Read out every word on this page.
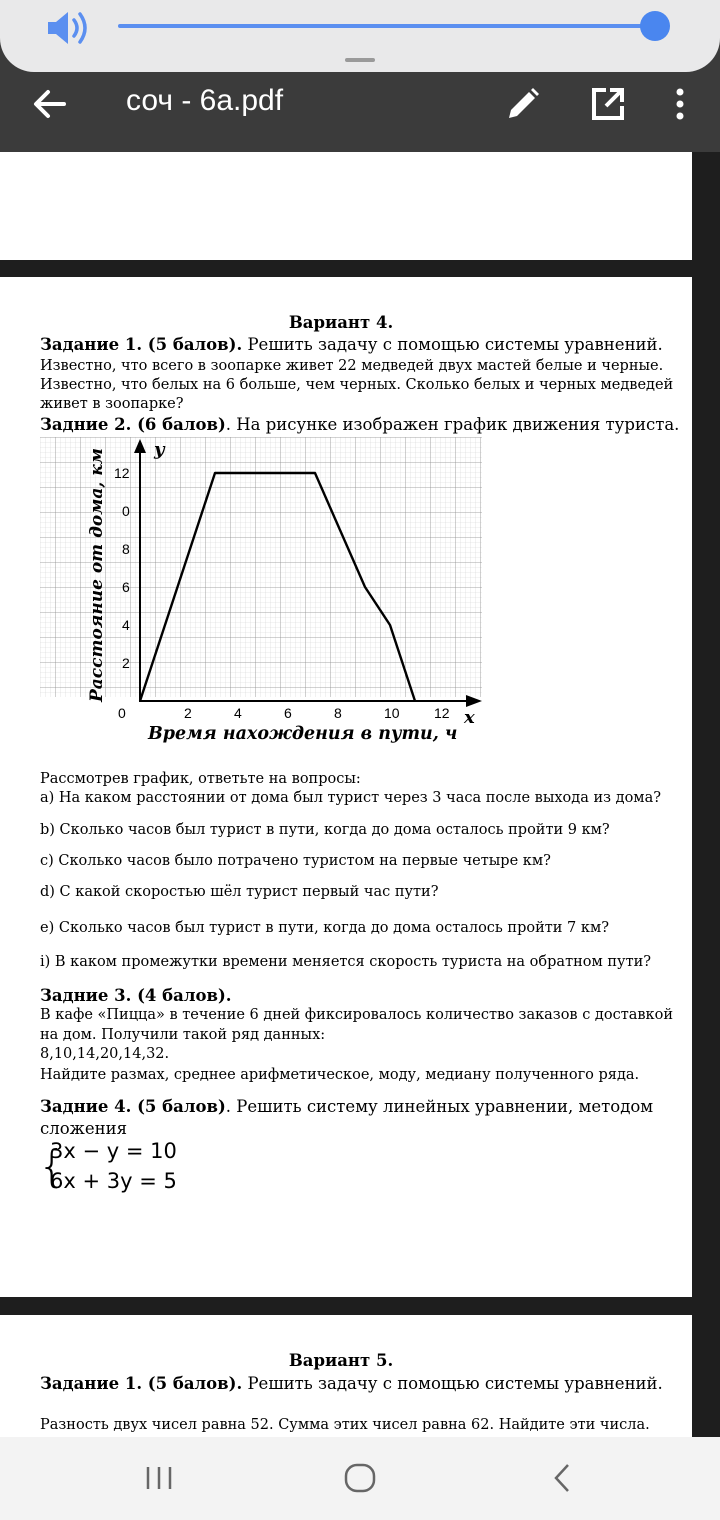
Вариант 4.
Задание 1. (5 балов). Решить задачу с помощью системы уравнений.
Известно, что всего в зоопарке живет 22 медведей двух мастей белые и черные.
Известно, что белых на 6 больше, чем черных. Сколько белых и черных медведей
живет в зоопарке?
Задние 2. (6 балов). На рисунке изображен график движения туриста.
y
x
Расстояние от дома, км
Время нахождения в пути, ч
0	2	4	6	8	10 12
2
4
6
8
0
12
Рассмотрев график, ответьте на вопросы:
а) На каком расстоянии от дома был турист через 3 часа после выхода из дома?
b) Сколько часов был турист в пути, когда до дома осталось пройти 9 км?
c) Сколько часов было потрачено туристом на первые четыре км?
d) С какой скоростью шёл турист первый час пути?
е) Сколько часов был турист в пути, когда до дома осталось пройти 7 км?
i) В каком промежутки времени меняется скорость туриста на обратном пути?
Задние 3. (4 балов).
В кафе «Пицца» в течение 6 дней фиксировалось количество заказов с доставкой
на дом. Получили такой ряд данных:
8,10,14,20,14,32.
Найдите размах, среднее арифметическое, моду, медиану полученного ряда.
Задние 4. (5 балов). Решить систему линейных уравнении, методом
сложения
{
3x − y = 10
6x + 3y = 5
Вариант 5.
Задание 1. (5 балов). Решить задачу с помощью системы уравнений.
Разность двух чисел равна 52. Сумма этих чисел равна 62. Найдите эти числа.
соч - 6а.pdf
